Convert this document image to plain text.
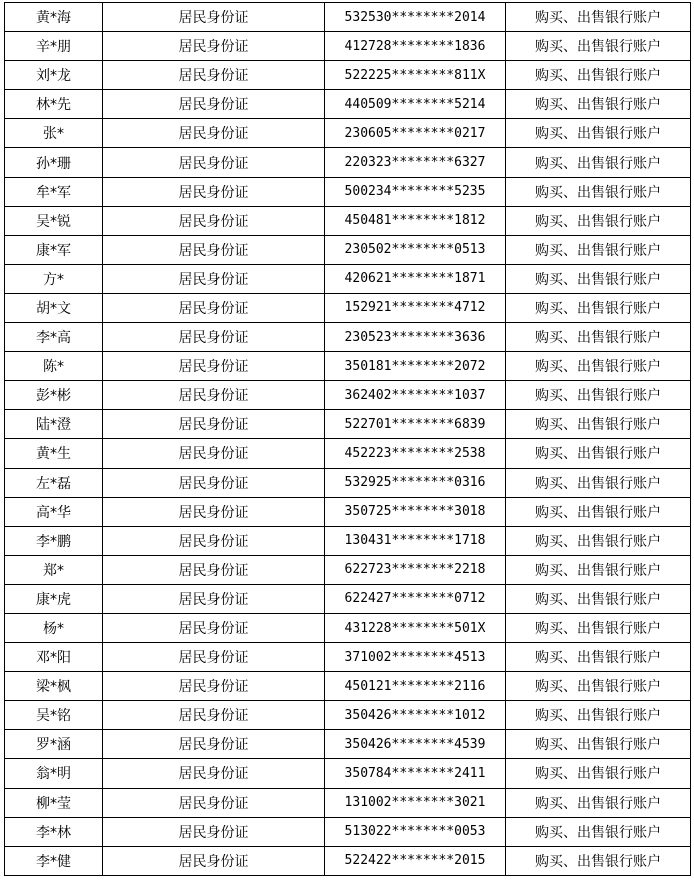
黄*海	居民身份证	532530********2014	购买、出售银行账户
辛*朋	居民身份证	412728********1836	购买、出售银行账户
刘*龙	居民身份证	522225********811X	购买、出售银行账户
林*先	居民身份证	440509********5214	购买、出售银行账户
张*	居民身份证	230605********0217	购买、出售银行账户
孙*珊	居民身份证	220323********6327	购买、出售银行账户
牟*军	居民身份证	500234********5235	购买、出售银行账户
吴*锐	居民身份证	450481********1812	购买、出售银行账户
康*军	居民身份证	230502********0513	购买、出售银行账户
方*	居民身份证	420621********1871	购买、出售银行账户
胡*文	居民身份证	152921********4712	购买、出售银行账户
李*高	居民身份证	230523********3636	购买、出售银行账户
陈*	居民身份证	350181********2072	购买、出售银行账户
彭*彬	居民身份证	362402********1037	购买、出售银行账户
陆*澄	居民身份证	522701********6839	购买、出售银行账户
黄*生	居民身份证	452223********2538	购买、出售银行账户
左*磊	居民身份证	532925********0316	购买、出售银行账户
高*华	居民身份证	350725********3018	购买、出售银行账户
李*鹏	居民身份证	130431********1718	购买、出售银行账户
郑*	居民身份证	622723********2218	购买、出售银行账户
康*虎	居民身份证	622427********0712	购买、出售银行账户
杨*	居民身份证	431228********501X	购买、出售银行账户
邓*阳	居民身份证	371002********4513	购买、出售银行账户
梁*枫	居民身份证	450121********2116	购买、出售银行账户
吴*铭	居民身份证	350426********1012	购买、出售银行账户
罗*涵	居民身份证	350426********4539	购买、出售银行账户
翁*明	居民身份证	350784********2411	购买、出售银行账户
柳*莹	居民身份证	131002********3021	购买、出售银行账户
李*林	居民身份证	513022********0053	购买、出售银行账户
李*健	居民身份证	522422********2015	购买、出售银行账户
